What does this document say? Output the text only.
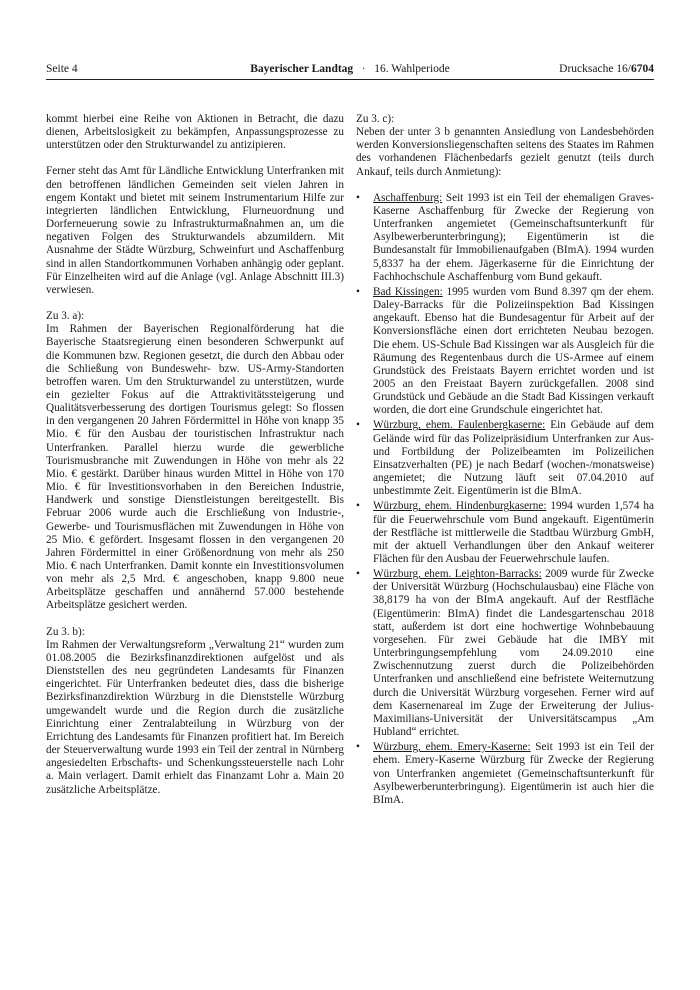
Seite 4	Bayerischer Landtag · 16. Wahlperiode	Drucksache 16/6704

kommt hierbei eine Reihe von Aktionen in Betracht, die dazu dienen, Arbeitslosigkeit zu bekämpfen, Anpassungsprozesse zu unterstützen oder den Strukturwandel zu antizipieren.

Ferner steht das Amt für Ländliche Entwicklung Unterfranken mit den betroffenen ländlichen Gemeinden seit vielen Jahren in engem Kontakt und bietet mit seinem Instrumentarium Hilfe zur integrierten ländlichen Entwicklung, Flurneuordnung und Dorferneuerung sowie zu Infrastrukturmaßnahmen an, um die negativen Folgen des Strukturwandels abzumildern. Mit Ausnahme der Städte Würzburg, Schweinfurt und Aschaffenburg sind in allen Standortkommunen Vorhaben anhängig oder geplant. Für Einzelheiten wird auf die Anlage (vgl. Anlage Abschnitt III.3) verwiesen.

Zu 3. a):

Im Rahmen der Bayerischen Regionalförderung hat die Bayerische Staatsregierung einen besonderen Schwerpunkt auf die Kommunen bzw. Regionen gesetzt, die durch den Abbau oder die Schließung von Bundeswehr- bzw. US-Army-Standorten betroffen waren. Um den Strukturwandel zu unterstützen, wurde ein gezielter Fokus auf die Attraktivitätssteigerung und Qualitätsverbesserung des dortigen Tourismus gelegt: So flossen in den vergangenen 20 Jahren Fördermittel in Höhe von knapp 35 Mio. € für den Ausbau der touristischen Infrastruktur nach Unterfranken. Parallel hierzu wurde die gewerbliche Tourismusbranche mit Zuwendungen in Höhe von mehr als 22 Mio. € gestärkt. Darüber hinaus wurden Mittel in Höhe von 170 Mio. € für Investitionsvorhaben in den Bereichen Industrie, Handwerk und sonstige Dienstleistungen bereitgestellt. Bis Februar 2006 wurde auch die Erschließung von Industrie-, Gewerbe- und Tourismusflächen mit Zuwendungen in Höhe von 25 Mio. € gefördert. Insgesamt flossen in den vergangenen 20 Jahren Fördermittel in einer Größenordnung von mehr als 250 Mio. € nach Unterfranken. Damit konnte ein Investitionsvolumen von mehr als 2,5 Mrd. € angeschoben, knapp 9.800 neue Arbeitsplätze geschaffen und annähernd 57.000 bestehende Arbeitsplätze gesichert werden.

Zu 3. b):

Im Rahmen der Verwaltungsreform „Verwaltung 21“ wurden zum 01.08.2005 die Bezirksfinanzdirektionen aufgelöst und als Dienststellen des neu gegründeten Landesamts für Finanzen eingerichtet. Für Unterfranken bedeutet dies, dass die bisherige Bezirksfinanzdirektion Würzburg in die Dienststelle Würzburg umgewandelt wurde und die Region durch die zusätzliche Einrichtung einer Zentralabteilung in Würzburg von der Errichtung des Landesamts für Finanzen profitiert hat. Im Bereich der Steuerverwaltung wurde 1993 ein Teil der zentral in Nürnberg angesiedelten Erbschafts- und Schenkungssteuerstelle nach Lohr a. Main verlagert. Damit erhielt das Finanzamt Lohr a. Main 20 zusätzliche Arbeitsplätze.

Zu 3. c):

Neben der unter 3 b genannten Ansiedlung von Landesbehörden werden Konversionsliegenschaften seitens des Staates im Rahmen des vorhandenen Flächenbedarfs gezielt genutzt (teils durch Ankauf, teils durch Anmietung):

• Aschaffenburg: Seit 1993 ist ein Teil der ehemaligen Graves-Kaserne Aschaffenburg für Zwecke der Regierung von Unterfranken angemietet (Gemeinschaftsunterkunft für Asylbewerberunterbringung); Eigentümerin ist die Bundesanstalt für Immobilienaufgaben (BImA). 1994 wurden 5,8337 ha der ehem. Jägerkaserne für die Einrichtung der Fachhochschule Aschaffenburg vom Bund gekauft.
• Bad Kissingen: 1995 wurden vom Bund 8.397 qm der ehem. Daley-Barracks für die Polizeiinspektion Bad Kissingen angekauft. Ebenso hat die Bundesagentur für Arbeit auf der Konversionsfläche einen dort errichteten Neubau bezogen. Die ehem. US-Schule Bad Kissingen war als Ausgleich für die Räumung des Regentenbaus durch die US-Armee auf einem Grundstück des Freistaats Bayern errichtet worden und ist 2005 an den Freistaat Bayern zurückgefallen. 2008 sind Grundstück und Gebäude an die Stadt Bad Kissingen verkauft worden, die dort eine Grundschule eingerichtet hat.
• Würzburg, ehem. Faulenbergkaserne: Ein Gebäude auf dem Gelände wird für das Polizeipräsidium Unterfranken zur Aus- und Fortbildung der Polizeibeamten im Polizeilichen Einsatzverhalten (PE) je nach Bedarf (wochen-/monatsweise) angemietet; die Nutzung läuft seit 07.04.2010 auf unbestimmte Zeit. Eigentümerin ist die BImA.
• Würzburg, ehem. Hindenburgkaserne: 1994 wurden 1,574 ha für die Feuerwehrschule vom Bund angekauft. Eigentümerin der Restfläche ist mittlerweile die Stadtbau Würzburg GmbH, mit der aktuell Verhandlungen über den Ankauf weiterer Flächen für den Ausbau der Feuerwehrschule laufen.
• Würzburg, ehem. Leighton-Barracks: 2009 wurde für Zwecke der Universität Würzburg (Hochschulausbau) eine Fläche von 38,8179 ha von der BImA angekauft. Auf der Restfläche (Eigentümerin: BImA) findet die Landesgartenschau 2018 statt, außerdem ist dort eine hochwertige Wohnbebauung vorgesehen. Für zwei Gebäude hat die IMBY mit Unterbringungsempfehlung vom 24.09.2010 eine Zwischennutzung zuerst durch die Polizeibehörden Unterfranken und anschließend eine befristete Weiternutzung durch die Universität Würzburg vorgesehen. Ferner wird auf dem Kasernenareal im Zuge der Erweiterung der Julius-Maximilians-Universität der Universitätscampus „Am Hubland“ errichtet.
• Würzburg, ehem. Emery-Kaserne: Seit 1993 ist ein Teil der ehem. Emery-Kaserne Würzburg für Zwecke der Regierung von Unterfranken angemietet (Gemeinschaftsunterkunft für Asylbewerberunterbringung). Eigentümerin ist auch hier die BImA.
